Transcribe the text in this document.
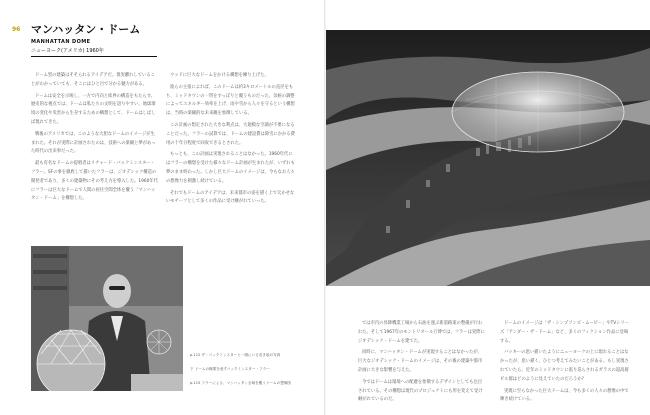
96 マンハッタン・ドーム
MANHATTAN DOME
ニューヨーク(アメリカ) 1960年

ドーム型の建築はそそられるアイデアだ。現実離れしていることがわかっていても、そこにはひと目で分かる魅力がある。

ドームは安全を示唆し、一方で内向と結界の構造をもたらす。歴史的な視点では、ドームは私たちの文明を語りやすい。地球環境の変化や災害から生存するための構想として、ドームはしばしば現れてきた。

戦後のアメリカでは、このような大胆なドームのイメージが生まれた。それが実際に計画されたのは、技術への楽観と夢があった時代の出来事だった。

最も有名なドームの提唱者はリチャード・バックミンスター・フラー。SFの事を徹底して描いたフラーは、ジオデシック構造の開発者であり、多くの建築物にその考え方を導入した。1960年代にフラーは巨大なドームで人間の居住空間全体を覆う「マンハッタン・ドーム」を構想した。

ウッドに巨大なドームをかける構想を練り上げた。

彼らの主張によれば、このドームは約3キロメートルの直径をもち、ミッドタウンの一帯をすっぽりと覆うものだった。気候の調整によってエネルギー効率を上げ、雨や雪から人々を守るという構想は、当時の楽観的な未来観を象徴している。

この計画の想定された大きな利点は、大規模な空調が不要になることだった。フラーの試算では、ドームの建設費は除雪にかかる費用の十年分程度で回収できるとされた。

もっとも、この計画は実現されることはなかった。1960年代にはフラーの構想を受けた様々なドーム計画が生まれたが、いずれも夢のまま終わった。しかし巨大ドームのイメージは、今もなお人々の想像力を刺激し続けている。

それでもドームのアイデアは、未来都市の姿を描く上で欠かせないモチーフとして多くの作品に受け継がれていった。

p.112 ザ・バックミンスターと一緒にいる若き頃の写真
下 ドームの概要を表すバックミンスター・フラー
p.115 フラーによる、マンハッタン全域を覆うドームの想像図

では市内の昇降機業工場から石油を運ぶ新道路案の整備が行われた。そして1967年のモントリオール万博では、フラーは実際にジオデシック・ドームを建てた。

同時に、マンハッタン・ドームが実現することはなかったが、巨大なジオデシック・ドームのイメージは、その後の建築や都市計画に大きな影響を与えた。

今ではドームは環境への配慮を象徴するデザインとしても注目されている。その構想は現代のプロジェクトにも形を変えて受け継がれているのだ。

ドームのイメージは「ザ・シンプソンズ・ムービー」やTVシリーズ「アンダー・ザ・ドーム」など、多くのフィクション作品に登場する。

バッキーの思い描いたようにニューヨークの上に現れることはなかったが、思い描く、ひとつ考えてみたいことがある。もし実現されていたら、近年のミッドタウンに張り巡らされるガラスの超高層ビル群はどのように見えていたのだろうか?

実現に至らなかった巨大ドームは、今も多くの人々の想像の中で輝き続けている。
